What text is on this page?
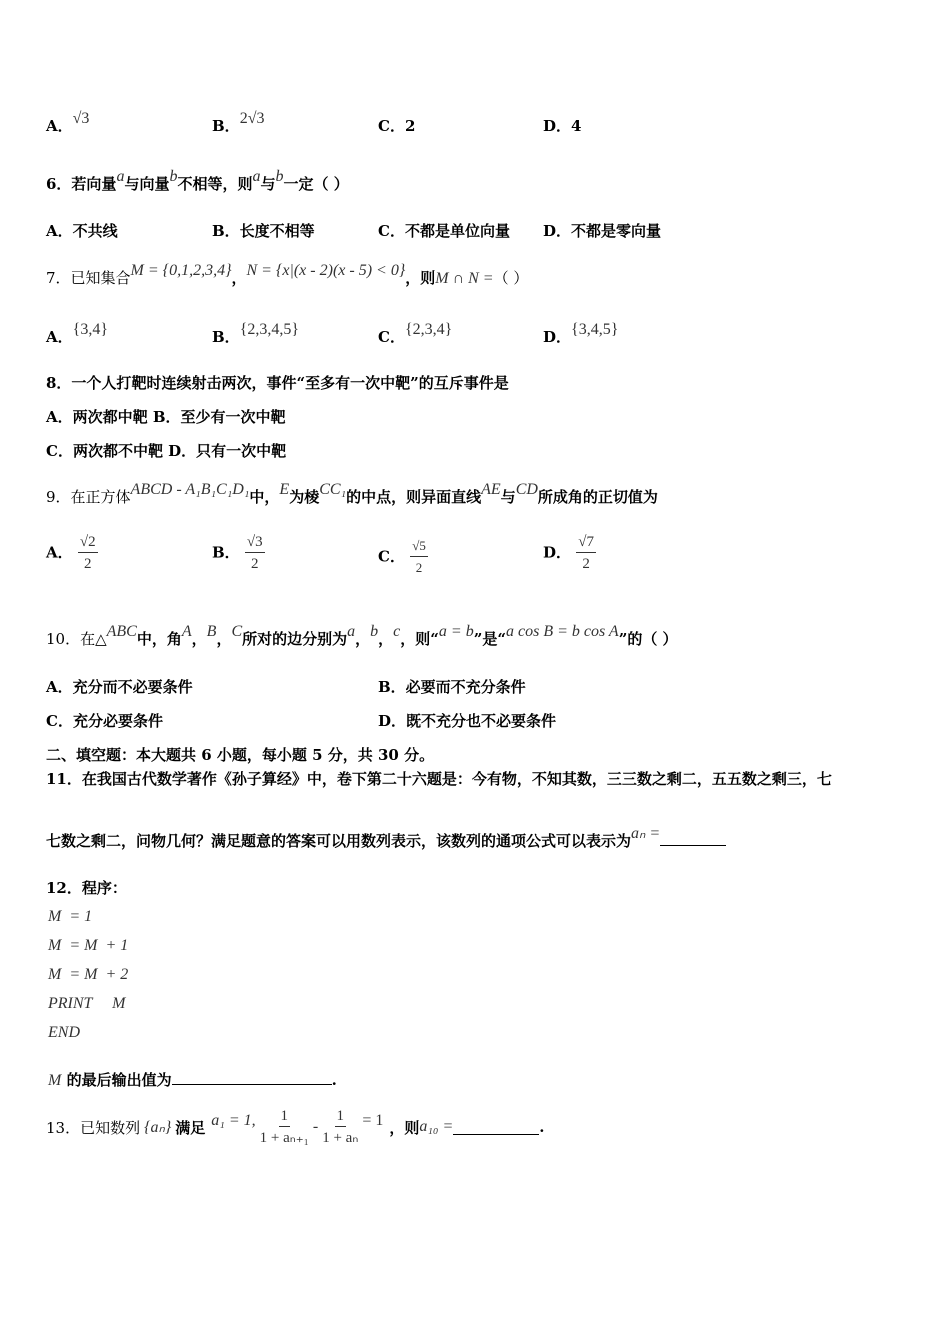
A．√3	B．2√3	C．2	D．4
6．若向量a与向量b不相等，则a与b一定（ ）
A．不共线	B．长度不相等	C．不都是单位向量 D．不都是零向量
7．已知集合M = {0,1,2,3,4}，N = {x|(x - 2)(x - 5) < 0}，则M ∩ N =（ ）
A．{3,4}	B．{2,3,4,5}	C．{2,3,4}	D．{3,4,5}
8．一个人打靶时连续射击两次，事件“至多有一次中靶”的互斥事件是
A．两次都中靶 B．至少有一次中靶
C．两次都不中靶 D．只有一次中靶
9．在正方体ABCD - A₁B₁C₁D₁中，E为棱CC₁的中点，则异面直线AE与CD所成角的正切值为
A． $\frac{√2}{2}$	B． $\frac{√3}{2}$	C． $\frac{√5}{2}$	D． $\frac{√7}{2}$
10．在△ABC中，角A，B，C所对的边分别为a，b，c，则“a = b”是“a cos B = b cos A”的（ ）
A．充分而不必要条件	B．必要而不充分条件
C．充分必要条件	D．既不充分也不必要条件
二、填空题：本大题共 6 小题，每小题 5 分，共 30 分。
11．在我国古代数学著作《孙子算经》中，卷下第二十六题是：今有物，不知其数，三三数之剩二，五五数之剩三，七
七数之剩二，问物几何？满足题意的答案可以用数列表示，该数列的通项公式可以表示为aₙ =
12．程序：
M  = 1
M  = M  + 1
M  = M  + 2
PRINT     M
END
M 的最后输出值为	.
13．已知数列 {aₙ} 满足 a₁ = 1, $\frac{1}{\text{1 + aₙ₊₁}} - \frac{1}{\text{1 + aₙ}} = 1$ ，则 a₁₀ =	.
